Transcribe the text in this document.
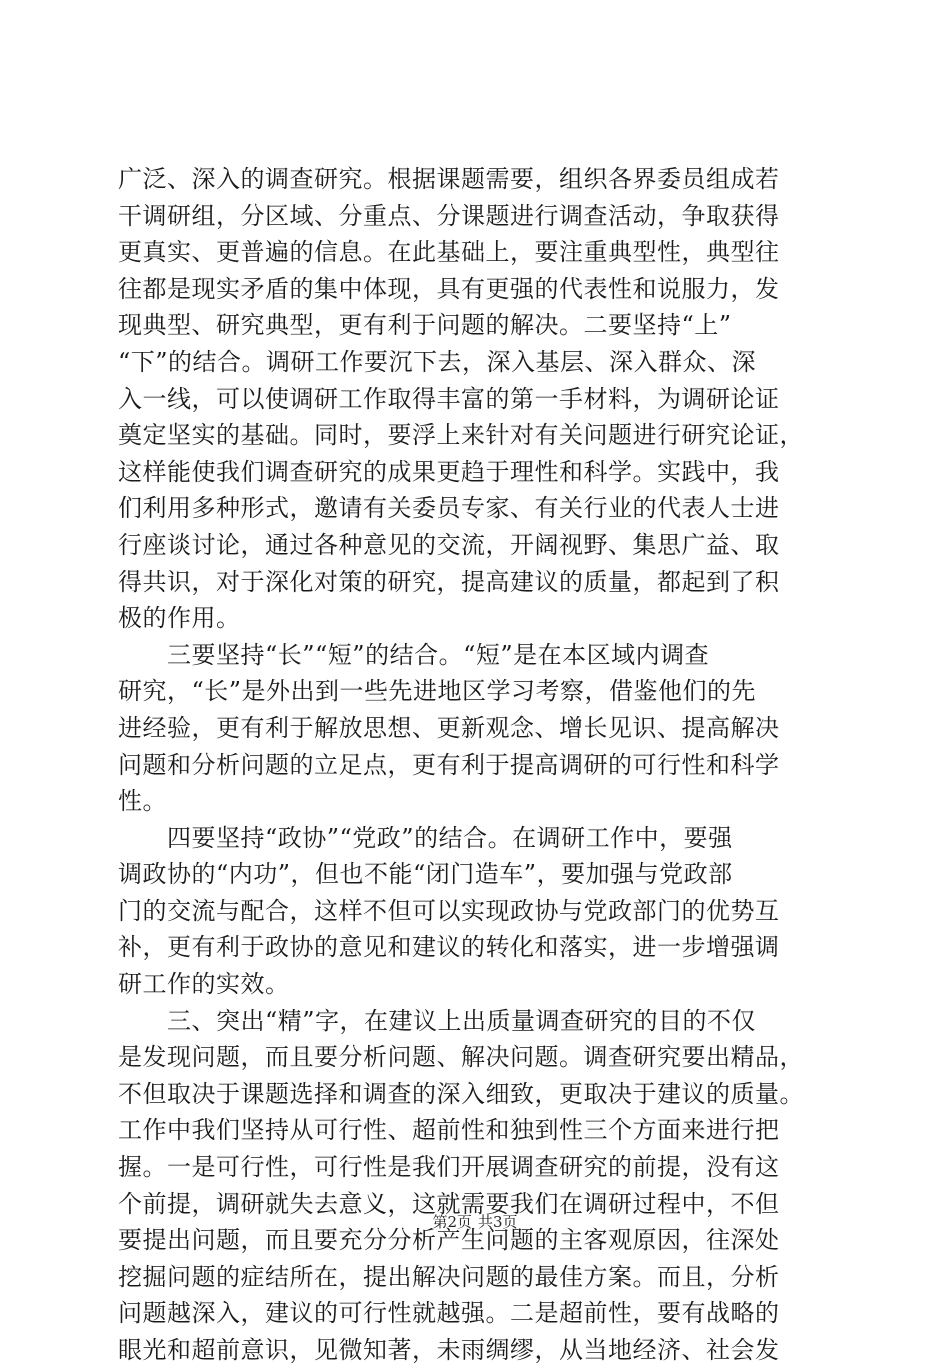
广泛、深入的调查研究。根据课题需要，组织各界委员组成若
干调研组，分区域、分重点、分课题进行调查活动，争取获得
更真实、更普遍的信息。在此基础上，要注重典型性，典型往
往都是现实矛盾的集中体现，具有更强的代表性和说服力，发
现典型、研究典型，更有利于问题的解决。二要坚持“上”
“下”的结合。调研工作要沉下去，深入基层、深入群众、深
入一线，可以使调研工作取得丰富的第一手材料，为调研论证
奠定坚实的基础。同时，要浮上来针对有关问题进行研究论证，
这样能使我们调查研究的成果更趋于理性和科学。实践中，我
们利用多种形式，邀请有关委员专家、有关行业的代表人士进
行座谈讨论，通过各种意见的交流，开阔视野、集思广益、取
得共识，对于深化对策的研究，提高建议的质量，都起到了积
极的作用。
　　三要坚持“长”“短”的结合。“短”是在本区域内调查
研究，“长”是外出到一些先进地区学习考察，借鉴他们的先
进经验，更有利于解放思想、更新观念、增长见识、提高解决
问题和分析问题的立足点，更有利于提高调研的可行性和科学
性。
　　四要坚持“政协”“党政”的结合。在调研工作中，要强
调政协的“内功”，但也不能“闭门造车”，要加强与党政部
门的交流与配合，这样不但可以实现政协与党政部门的优势互
补，更有利于政协的意见和建议的转化和落实，进一步增强调
研工作的实效。
　　三、突出“精”字，在建议上出质量调查研究的目的不仅
是发现问题，而且要分析问题、解决问题。调查研究要出精品，
不但取决于课题选择和调查的深入细致，更取决于建议的质量。
工作中我们坚持从可行性、超前性和独到性三个方面来进行把
握。一是可行性，可行性是我们开展调查研究的前提，没有这
个前提，调研就失去意义，这就需要我们在调研过程中，不但
要提出问题，而且要充分分析产生问题的主客观原因，往深处
挖掘问题的症结所在，提出解决问题的最佳方案。而且，分析
问题越深入，建议的可行性就越强。二是超前性，要有战略的
眼光和超前意识，见微知著，未雨绸缪，从当地经济、社会发
第2页 共3页
